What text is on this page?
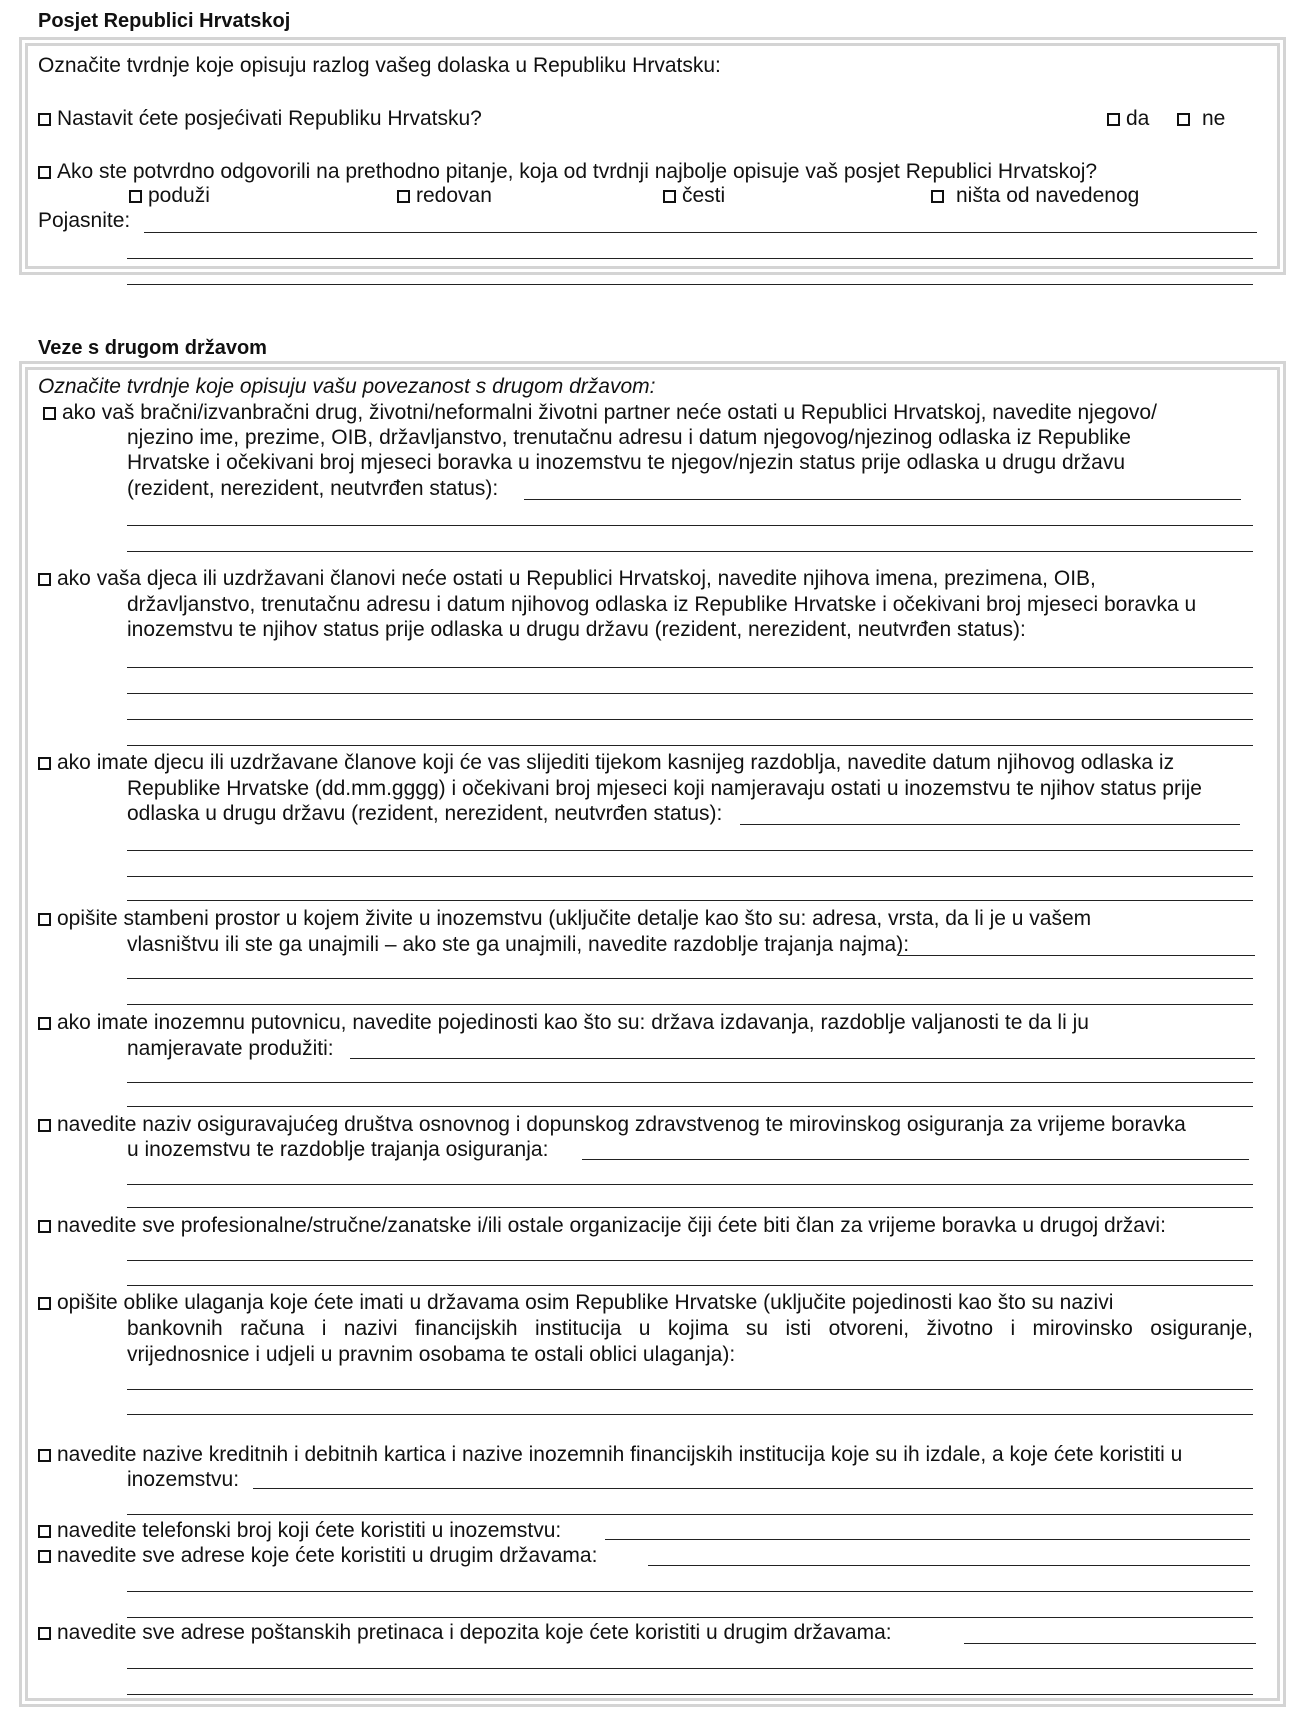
Posjet Republici Hrvatskoj
Označite tvrdnje koje opisuju razlog vašeg dolaska u Republiku Hrvatsku:
Nastavit ćete posjećivati Republiku Hrvatsku?	da	ne
Ako ste potvrdno odgovorili na prethodno pitanje, koja od tvrdnji najbolje opisuje vaš posjet Republici Hrvatskoj?
poduži	redovan	česti	ništa od navedenog
Pojasnite:
Veze s drugom državom
Označite tvrdnje koje opisuju vašu povezanost s drugom državom:
ako vaš bračni/izvanbračni drug, životni/neformalni životni partner neće ostati u Republici Hrvatskoj, navedite njegovo/
njezino ime, prezime, OIB, državljanstvo, trenutačnu adresu i datum njegovog/njezinog odlaska iz Republike
Hrvatske i očekivani broj mjeseci boravka u inozemstvu te njegov/njezin status prije odlaska u drugu državu
(rezident, nerezident, neutvrđen status):
ako vaša djeca ili uzdržavani članovi neće ostati u Republici Hrvatskoj, navedite njihova imena, prezimena, OIB,
državljanstvo, trenutačnu adresu i datum njihovog odlaska iz Republike Hrvatske i očekivani broj mjeseci boravka u
inozemstvu te njihov status prije odlaska u drugu državu (rezident, nerezident, neutvrđen status):
ako imate djecu ili uzdržavane članove koji će vas slijediti tijekom kasnijeg razdoblja, navedite datum njihovog odlaska iz
Republike Hrvatske (dd.mm.gggg) i očekivani broj mjeseci koji namjeravaju ostati u inozemstvu te njihov status prije
odlaska u drugu državu (rezident, nerezident, neutvrđen status):
opišite stambeni prostor u kojem živite u inozemstvu (uključite detalje kao što su: adresa, vrsta, da li je u vašem
vlasništvu ili ste ga unajmili – ako ste ga unajmili, navedite razdoblje trajanja najma):
ako imate inozemnu putovnicu, navedite pojedinosti kao što su: država izdavanja, razdoblje valjanosti te da li ju
namjeravate produžiti:
navedite naziv osiguravajućeg društva osnovnog i dopunskog zdravstvenog te mirovinskog osiguranja za vrijeme boravka
u inozemstvu te razdoblje trajanja osiguranja:
navedite sve profesionalne/stručne/zanatske i/ili ostale organizacije čiji ćete biti član za vrijeme boravka u drugoj državi:
opišite oblike ulaganja koje ćete imati u državama osim Republike Hrvatske (uključite pojedinosti kao što su nazivi
bankovnih računa i nazivi financijskih institucija u kojima su isti otvoreni, životno i mirovinsko osiguranje,
vrijednosnice i udjeli u pravnim osobama te ostali oblici ulaganja):
navedite nazive kreditnih i debitnih kartica i nazive inozemnih financijskih institucija koje su ih izdale, a koje ćete koristiti u
inozemstvu:
navedite telefonski broj koji ćete koristiti u inozemstvu:
navedite sve adrese koje ćete koristiti u drugim državama:
navedite sve adrese poštanskih pretinaca i depozita koje ćete koristiti u drugim državama:
